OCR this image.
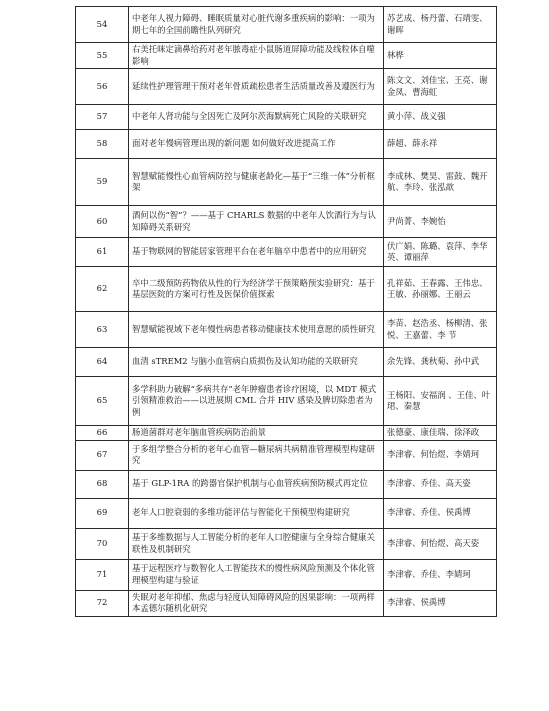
54	中老年人视力障碍、睡眠质量对心脏代谢多重疾病的影响：一项为期七年的全国前瞻性队列研究	苏艺成、杨丹蕾、石靖雯、谢晖
55	右美托咪定滴鼻给药对老年脓毒症小鼠肠道屏障功能及线粒体自噬影响	林桦
56	延续性护理管理干预对老年骨质疏松患者生活质量改善及遵医行为	陈文文、刘佳宝、王亮、谢金凤、曹海虹
57	中老年人肾功能与全因死亡及阿尔茨海默病死亡风险的关联研究	黄小萍、战义强
58	面对老年慢病管理出现的新问题 如何做好改进提高工作	薛超、薛永祥
59	智慧赋能慢性心血管病防控与健康老龄化—基于“三维一体”分析框架	李成林、樊昊、雷鼓、魏开航、李玲、张泓歆
60	酒何以伤“智”？——基于 CHARLS 数据的中老年人饮酒行为与认知障碍关系研究	尹尚菁、李婉怡
61	基于物联网的智能居家管理平台在老年脑卒中患者中的应用研究	伏广娟、陈璐、袁萍、李华英、谭丽萍
62	卒中二级预防药物依从性的行为经济学干预策略预实验研究：基于基层医院的方案可行性及医保价值探索	孔祥茹、王春露、王伟忠、王敏、孙丽娜、王丽云
63	智慧赋能视域下老年慢性病患者移动健康技术使用意愿的质性研究	李苗、赵浩丞、杨柳清、张悦、王嘉蕾、李 节
64	血清 sTREM2 与脑小血管病白质损伤及认知功能的关联研究	余先锋、龚秋菊、孙中武
65	多学科助力破解“多病共存”老年肿瘤患者诊疗困境，以 MDT 模式引领精准救治——以进展期 CML 合并 HIV 感染及脾切除患者为例	王杨阳、安福润 、王佳、叶珺、秦慧
66	肠道菌群对老年脑血管疾病防治前景	张德豪、康佳瑞、徐泽政
67	于多组学整合分析的老年心血管—糖尿病共病精准管理模型构建研究	李津睿、何怡煜、李婧珂
68	基于 GLP-1RA 的跨器官保护机制与心血管疾病预防模式再定位	李津睿、乔佳、高天姿
69	老年人口腔衰弱的多维功能评估与智能化干预模型构建研究	李津睿、乔佳、侯禹博
70	基于多维数据与人工智能分析的老年人口腔健康与全身综合健康关联性及机制研究	李津睿、何怡煜、高天姿
71	基于远程医疗与数智化人工智能技术的慢性病风险预测及个体化管理模型构建与验证	李津睿、乔佳、李婧珂
72	失眠对老年抑郁、焦虑与轻度认知障碍风险的因果影响：一项两样本孟德尔随机化研究	李津睿、侯禹博
